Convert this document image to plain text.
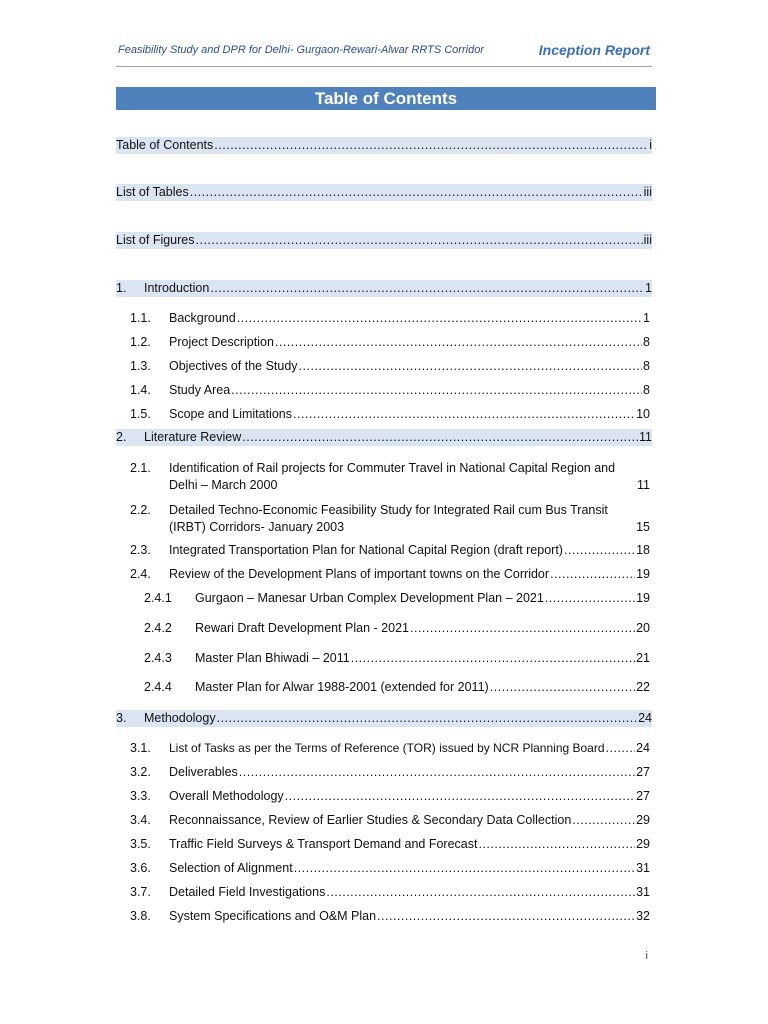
Feasibility Study and DPR for Delhi- Gurgaon-Rewari-Alwar RRTS Corridor	Inception Report
Table of Contents
Table of Contents .....	i
List of Tables .....	iii
List of Figures .....	iii
1.	Introduction .....	1
1.1.	Background .....	1
1.2.	Project Description .....	8
1.3.	Objectives of the Study .....	8
1.4.	Study Area .....	8
1.5.	Scope and Limitations .....	10
2.	Literature Review .....	11
2.1. Identification of Rail projects for Commuter Travel in National Capital Region and
Delhi – March 2000	11
2.2. Detailed Techno-Economic Feasibility Study for Integrated Rail cum Bus Transit
(IRBT) Corridors- January 2003	15
2.3.	Integrated Transportation Plan for National Capital Region (draft report) .....	18
2.4.	Review of the Development Plans of important towns on the Corridor .....	19
2.4.1	Gurgaon – Manesar Urban Complex Development Plan – 2021 .....	19
2.4.2	Rewari Draft Development Plan - 2021 .....	20
2.4.3	Master Plan Bhiwadi – 2011 .....	21
2.4.4	Master Plan for Alwar 1988-2001 (extended for 2011) .....	22
3.	Methodology .....	24
3.1.	List of Tasks as per the Terms of Reference (TOR) issued by NCR Planning Board .....	24
3.2.	Deliverables .....	27
3.3.	Overall Methodology .....	27
3.4.	Reconnaissance, Review of Earlier Studies & Secondary Data Collection .....	29
3.5.	Traffic Field Surveys & Transport Demand and Forecast .....	29
3.6.	Selection of Alignment .....	31
3.7.	Detailed Field Investigations .....	31
3.8.	System Specifications and O&M Plan .....	32
i
